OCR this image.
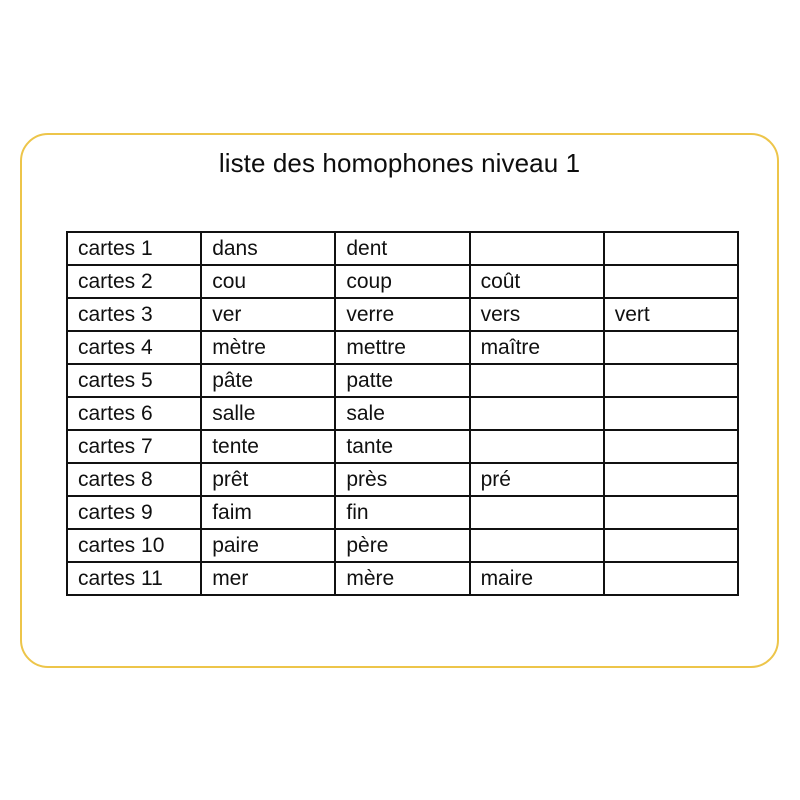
liste des homophones niveau 1
cartes 1	dans	dent		
cartes 2	cou	coup	coût	
cartes 3	ver	verre	vers	vert
cartes 4	mètre	mettre	maître	
cartes 5	pâte	patte		
cartes 6	salle	sale		
cartes 7	tente	tante		
cartes 8	prêt	près	pré	
cartes 9	faim	fin		
cartes 10	paire	père		
cartes 11	mer	mère	maire	
